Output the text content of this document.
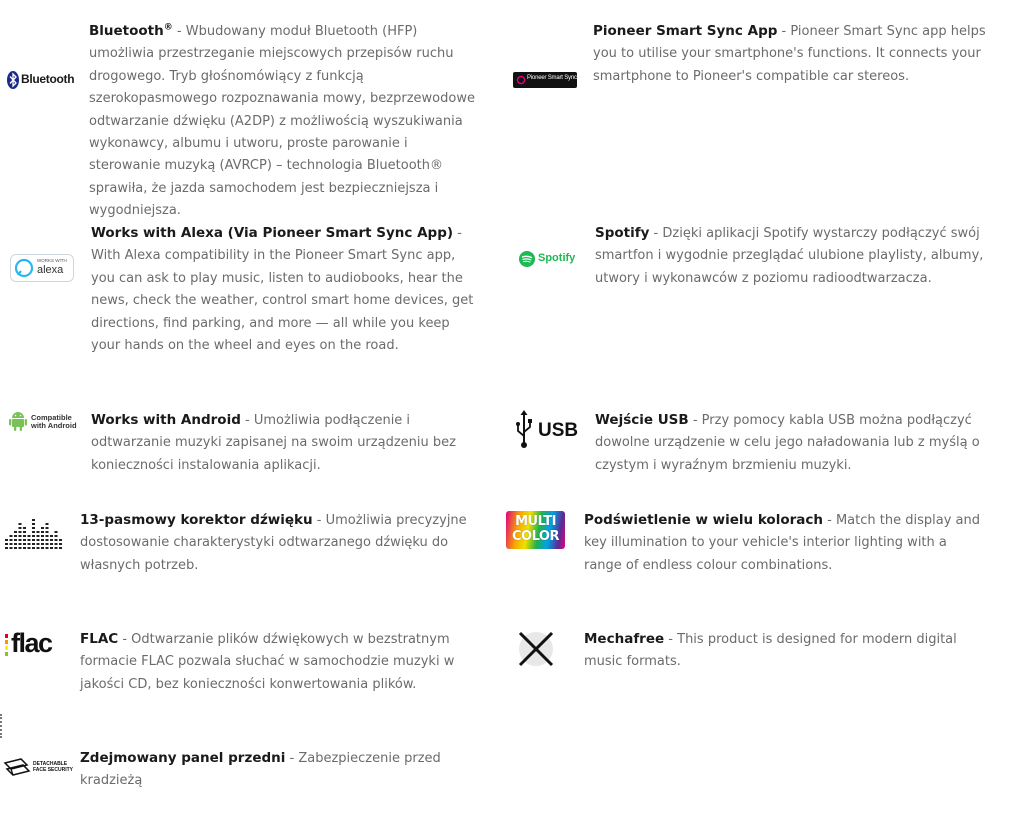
Bluetooth
Bluetooth® - Wbudowany moduł Bluetooth (HFP) umożliwia przestrzeganie miejscowych przepisów ruchu drogowego. Tryb głośnomówiący z funkcją szerokopasmowego rozpoznawania mowy, bezprzewodowe odtwarzanie dźwięku (A2DP) z możliwością wyszukiwania wykonawcy, albumu i utworu, proste parowanie i sterowanie muzyką (AVRCP) – technologia Bluetooth® sprawiła, że jazda samochodem jest bezpieczniejsza i wygodniejsza.
Pioneer Smart Sync
Pioneer Smart Sync App - Pioneer Smart Sync app helps you to utilise your smartphone's functions. It connects your smartphone to Pioneer's compatible car stereos.
WORKS WITH
alexa
Works with Alexa (Via Pioneer Smart Sync App) - With Alexa compatibility in the Pioneer Smart Sync app, you can ask to play music, listen to audiobooks, hear the news, check the weather, control smart home devices, get directions, find parking, and more — all while you keep your hands on the wheel and eyes on the road.
Spotify
Spotify - Dzięki aplikacji Spotify wystarczy podłączyć swój smartfon i wygodnie przeglądać ulubione playlisty, albumy, utwory i wykonawców z poziomu radioodtwarzacza.
Compatible
with Android Works with Android - Umożliwia podłączenie i odtwarzanie muzyki zapisanej na swoim urządzeniu bez konieczności instalowania aplikacji.
USB Wejście USB - Przy pomocy kabla USB można podłączyć dowolne urządzenie w celu jego naładowania lub z myślą o czystym i wyraźnym brzmieniu muzyki.
13-pasmowy korektor dźwięku - Umożliwia precyzyjne dostosowanie charakterystyki odtwarzanego dźwięku do własnych potrzeb.
MULTI
COLOR
Podświetlenie w wielu kolorach - Match the display and key illumination to your vehicle's interior lighting with a range of endless colour combinations.
flac FLAC - Odtwarzanie plików dźwiękowych w bezstratnym formacie FLAC pozwala słuchać w samochodzie muzyki w jakości CD, bez konieczności konwertowania plików.
Mechafree - This product is designed for modern digital music formats.
DETACHABLE
FACE SECURITY
Zdejmowany panel przedni - Zabezpieczenie przed kradzieżą
